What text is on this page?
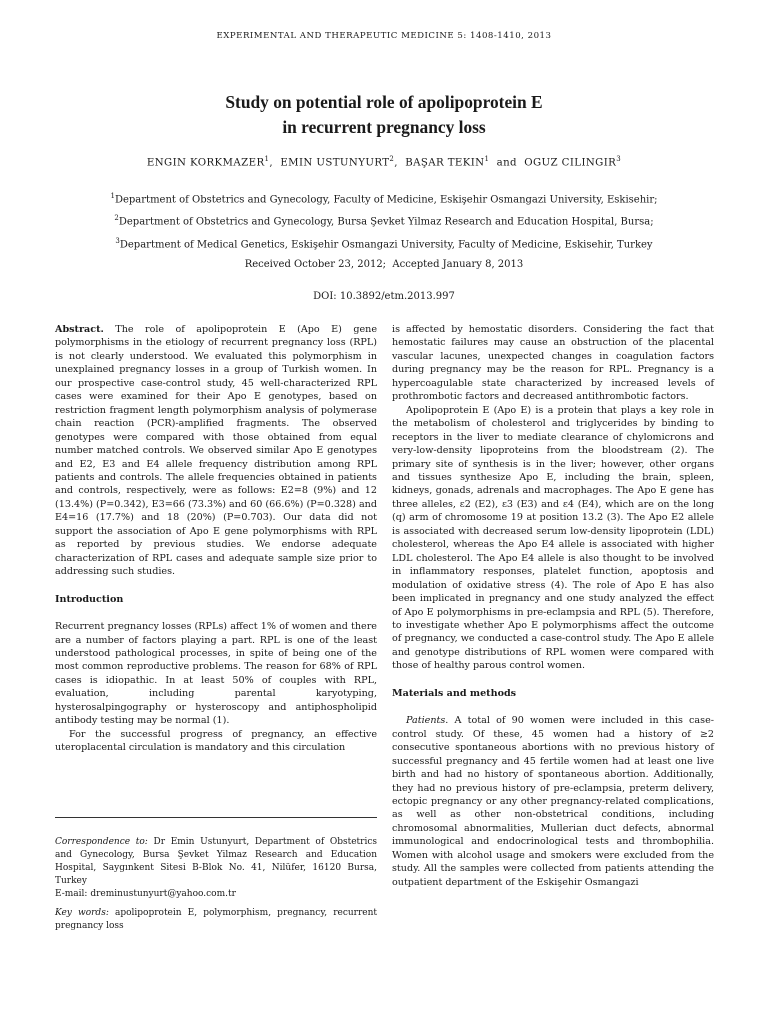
EXPERIMENTAL AND THERAPEUTIC MEDICINE 5: 1408-1410, 2013
Study on potential role of apolipoprotein E
in recurrent pregnancy loss
ENGIN KORKMAZER$^1$,  EMIN USTUNYURT$^2$,  BAŞAR TEKIN$^1$  and  OGUZ CILINGIR$^3$
$^1$Department of Obstetrics and Gynecology, Faculty of Medicine, Eskişehir Osmangazi University, Eskisehir;
$^2$Department of Obstetrics and Gynecology, Bursa Şevket Yilmaz Research and Education Hospital, Bursa;
$^3$Department of Medical Genetics, Eskişehir Osmangazi University, Faculty of Medicine, Eskisehir, Turkey
Received October 23, 2012;  Accepted January 8, 2013
DOI: 10.3892/etm.2013.997

Abstract. The role of apolipoprotein E (Apo E) gene polymorphisms in the etiology of recurrent pregnancy loss (RPL) is not clearly understood. We evaluated this polymorphism in unexplained pregnancy losses in a group of Turkish women. In our prospective case-control study, 45 well-characterized RPL cases were examined for their Apo E genotypes, based on restriction fragment length polymorphism analysis of polymerase chain reaction (PCR)-amplified fragments. The observed genotypes were compared with those obtained from equal number matched controls. We observed similar Apo E genotypes and E2, E3 and E4 allele frequency distribution among RPL patients and controls. The allele frequencies obtained in patients and controls, respectively, were as follows: E2=8 (9%) and 12 (13.4%) (P=0.342), E3=66 (73.3%) and 60 (66.6%) (P=0.328) and E4=16 (17.7%) and 18 (20%) (P=0.703). Our data did not support the association of Apo E gene polymorphisms with RPL as reported by previous studies. We endorse adequate characterization of RPL cases and adequate sample size prior to addressing such studies.

Introduction

Recurrent pregnancy losses (RPLs) affect 1% of women and there are a number of factors playing a part. RPL is one of the least understood pathological processes, in spite of being one of the most common reproductive problems. The reason for 68% of RPL cases is idiopathic. In at least 50% of couples with RPL, evaluation, including parental karyotyping, hysterosalpingography or hysteroscopy and antiphospholipid antibody testing may be normal (1).

For the successful progress of pregnancy, an effective uteroplacental circulation is mandatory and this circulation

Correspondence to: Dr Emin Ustunyurt, Department of Obstetrics and Gynecology, Bursa Şevket Yilmaz Research and Education Hospital, Saygınkent Sitesi B-Blok No. 41, Nilüfer, 16120 Bursa, Turkey

E-mail: dreminustunyurt@yahoo.com.tr

Key words: apolipoprotein E, polymorphism, pregnancy, recurrent pregnancy loss

is affected by hemostatic disorders. Considering the fact that hemostatic failures may cause an obstruction of the placental vascular lacunes, unexpected changes in coagulation factors during pregnancy may be the reason for RPL. Pregnancy is a hypercoagulable state characterized by increased levels of prothrombotic factors and decreased antithrombotic factors.

Apolipoprotein E (Apo E) is a protein that plays a key role in the metabolism of cholesterol and triglycerides by binding to receptors in the liver to mediate clearance of chylomicrons and very-low-density lipoproteins from the bloodstream (2). The primary site of synthesis is in the liver; however, other organs and tissues synthesize Apo E, including the brain, spleen, kidneys, gonads, adrenals and macrophages. The Apo E gene has three alleles, ε2 (E2), ε3 (E3) and ε4 (E4), which are on the long (q) arm of chromosome 19 at position 13.2 (3). The Apo E2 allele is associated with decreased serum low-density lipoprotein (LDL) cholesterol, whereas the Apo E4 allele is associated with higher LDL cholesterol. The Apo E4 allele is also thought to be involved in inflammatory responses, platelet function, apoptosis and modulation of oxidative stress (4). The role of Apo E has also been implicated in pregnancy and one study analyzed the effect of Apo E polymorphisms in pre-eclampsia and RPL (5). Therefore, to investigate whether Apo E polymorphisms affect the outcome of pregnancy, we conducted a case-control study. The Apo E allele and genotype distributions of RPL women were compared with those of healthy parous control women.

Materials and methods

Patients. A total of 90 women were included in this case-control study. Of these, 45 women had a history of ≥2 consecutive spontaneous abortions with no previous history of successful pregnancy and 45 fertile women had at least one live birth and had no history of spontaneous abortion. Additionally, they had no previous history of pre-eclampsia, preterm delivery, ectopic pregnancy or any other pregnancy-related complications, as well as other non-obstetrical conditions, including chromosomal abnormalities, Mullerian duct defects, abnormal immunological and endocrinological tests and thrombophilia. Women with alcohol usage and smokers were excluded from the study. All the samples were collected from patients attending the outpatient department of the Eskişehir Osmangazi
